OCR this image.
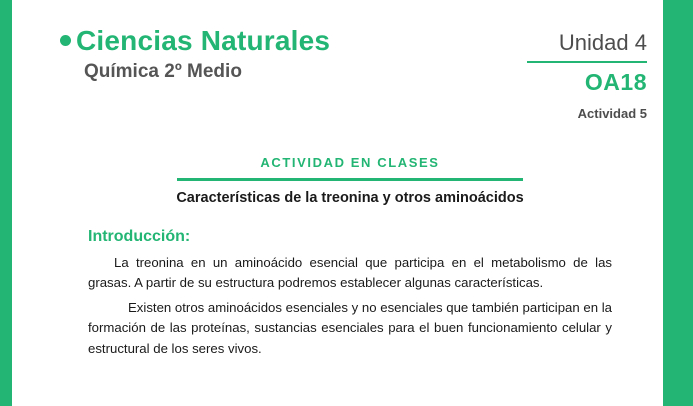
Ciencias Naturales
Química 2º Medio
Unidad 4
OA18
Actividad 5
ACTIVIDAD EN CLASES
Características de la treonina y otros aminoácidos
Introducción:

La treonina en un aminoácido esencial que participa en el metabolismo de las grasas. A partir de su estructura podremos establecer algunas características.

Existen otros aminoácidos esenciales y no esenciales que también participan en la formación de las proteínas, sustancias esenciales para el buen funcionamiento celular y estructural de los seres vivos.
